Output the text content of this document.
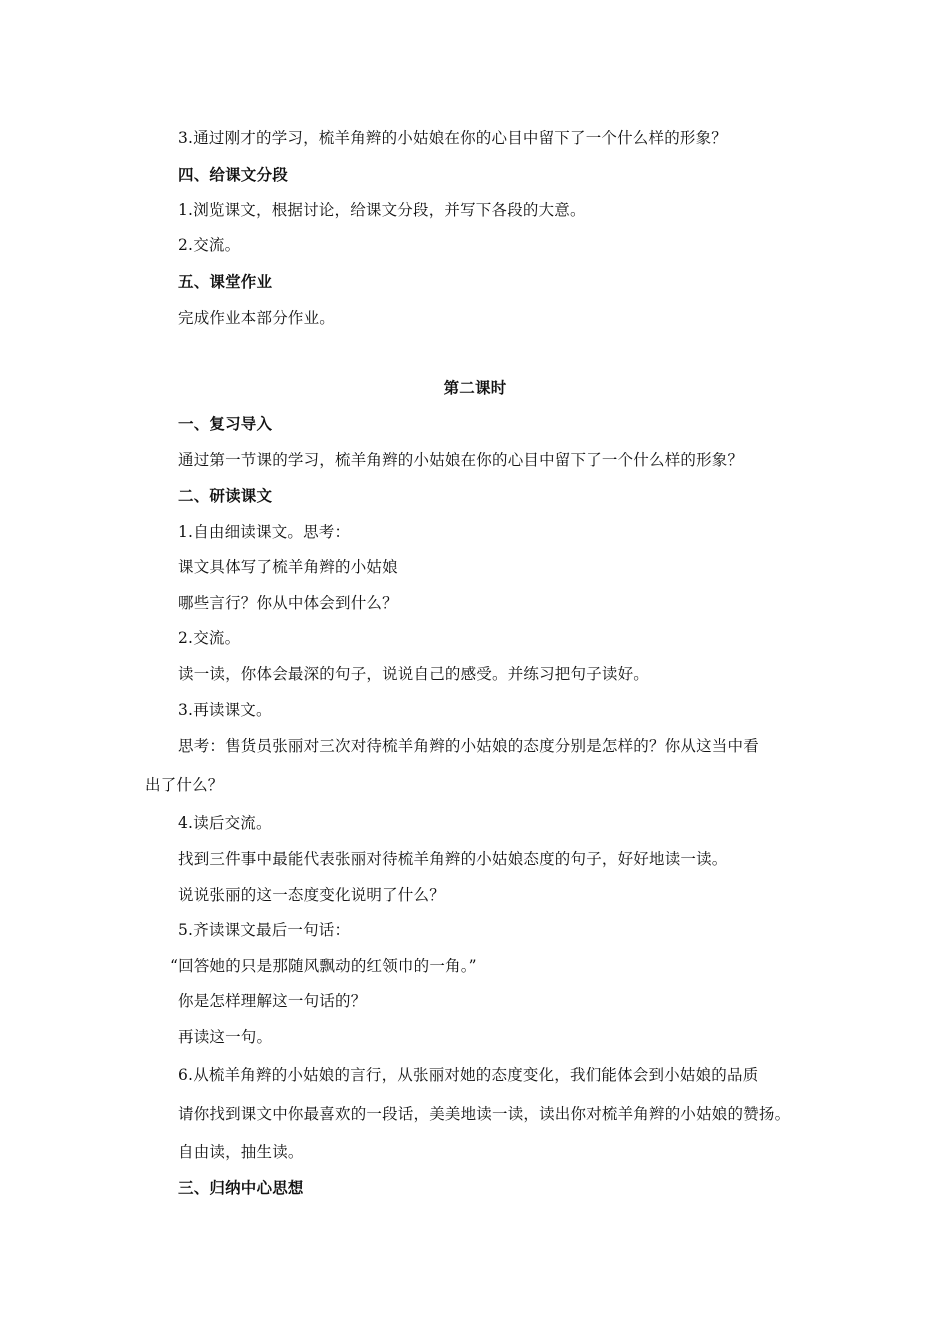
3.通过刚才的学习，梳羊角辫的小姑娘在你的心目中留下了一个什么样的形象？
四、给课文分段
1.浏览课文，根据讨论，给课文分段，并写下各段的大意。
2.交流。
五、课堂作业
完成作业本部分作业。
第二课时
一、复习导入
通过第一节课的学习，梳羊角辫的小姑娘在你的心目中留下了一个什么样的形象？
二、研读课文
1.自由细读课文。思考：
课文具体写了梳羊角辫的小姑娘
哪些言行？你从中体会到什么？
2.交流。
读一读，你体会最深的句子，说说自己的感受。并练习把句子读好。
3.再读课文。
思考：售货员张丽对三次对待梳羊角辫的小姑娘的态度分别是怎样的？你从这当中看
出了什么？
4.读后交流。
找到三件事中最能代表张丽对待梳羊角辫的小姑娘态度的句子，好好地读一读。
说说张丽的这一态度变化说明了什么？
5.齐读课文最后一句话：
“回答她的只是那随风飘动的红领巾的一角。”
你是怎样理解这一句话的？
再读这一句。
6.从梳羊角辫的小姑娘的言行，从张丽对她的态度变化，我们能体会到小姑娘的品质
请你找到课文中你最喜欢的一段话，美美地读一读，读出你对梳羊角辫的小姑娘的赞扬。
自由读，抽生读。
三、归纳中心思想
